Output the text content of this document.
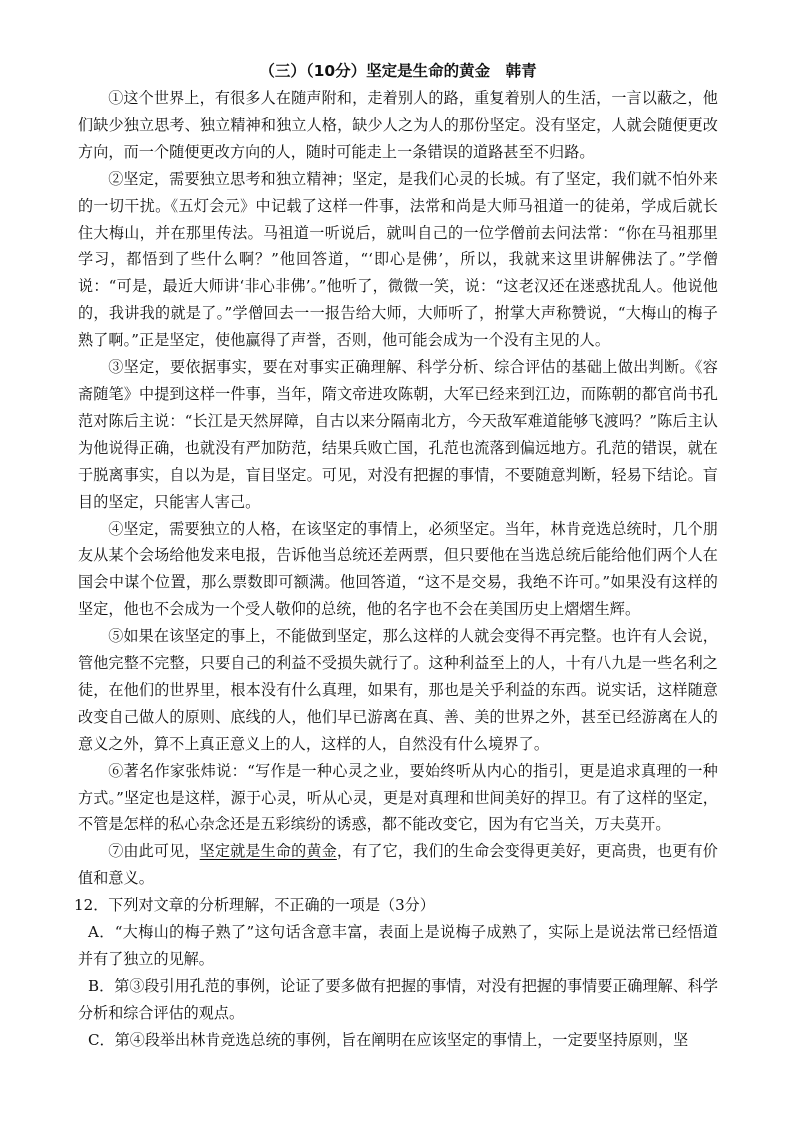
（三）（10分）坚定是生命的黄金　韩青

①这个世界上，有很多人在随声附和，走着别人的路，重复着别人的生活，一言以蔽之，他们缺少独立思考、独立精神和独立人格，缺少人之为人的那份坚定。没有坚定，人就会随便更改方向，而一个随便更改方向的人，随时可能走上一条错误的道路甚至不归路。

②坚定，需要独立思考和独立精神；坚定，是我们心灵的长城。有了坚定，我们就不怕外来的一切干扰。《五灯会元》中记载了这样一件事，法常和尚是大师马祖道一的徒弟，学成后就长住大梅山，并在那里传法。马祖道一听说后，就叫自己的一位学僧前去问法常：“你在马祖那里学习，都悟到了些什么啊？”他回答道，“‘即心是佛’，所以，我就来这里讲解佛法了。”学僧说：“可是，最近大师讲‘非心非佛’。”他听了，微微一笑，说：“这老汉还在迷惑扰乱人。他说他的，我讲我的就是了。”学僧回去一一报告给大师，大师听了，拊掌大声称赞说，“大梅山的梅子熟了啊。”正是坚定，使他赢得了声誉，否则，他可能会成为一个没有主见的人。

③坚定，要依据事实，要在对事实正确理解、科学分析、综合评估的基础上做出判断。《容斋随笔》中提到这样一件事，当年，隋文帝进攻陈朝，大军已经来到江边，而陈朝的都官尚书孔范对陈后主说：“长江是天然屏障，自古以来分隔南北方，今天敌军难道能够飞渡吗？”陈后主认为他说得正确，也就没有严加防范，结果兵败亡国，孔范也流落到偏远地方。孔范的错误，就在于脱离事实，自以为是，盲目坚定。可见，对没有把握的事情，不要随意判断，轻易下结论。盲目的坚定，只能害人害己。

④坚定，需要独立的人格，在该坚定的事情上，必须坚定。当年，林肯竞选总统时，几个朋友从某个会场给他发来电报，告诉他当总统还差两票，但只要他在当选总统后能给他们两个人在国会中谋个位置，那么票数即可额满。他回答道，“这不是交易，我绝不许可。”如果没有这样的坚定，他也不会成为一个受人敬仰的总统，他的名字也不会在美国历史上熠熠生辉。

⑤如果在该坚定的事上，不能做到坚定，那么这样的人就会变得不再完整。也许有人会说，管他完整不完整，只要自己的利益不受损失就行了。这种利益至上的人，十有八九是一些名利之徒，在他们的世界里，根本没有什么真理，如果有，那也是关乎利益的东西。说实话，这样随意改变自己做人的原则、底线的人，他们早已游离在真、善、美的世界之外，甚至已经游离在人的意义之外，算不上真正意义上的人，这样的人，自然没有什么境界了。

⑥著名作家张炜说：“写作是一种心灵之业，要始终听从内心的指引，更是追求真理的一种方式。”坚定也是这样，源于心灵，听从心灵，更是对真理和世间美好的捍卫。有了这样的坚定，不管是怎样的私心杂念还是五彩缤纷的诱惑，都不能改变它，因为有它当关，万夫莫开。

⑦由此可见，坚定就是生命的黄金，有了它，我们的生命会变得更美好，更高贵，也更有价值和意义。

12．下列对文章的分析理解，不正确的一项是（3分）

A．“大梅山的梅子熟了”这句话含意丰富，表面上是说梅子成熟了，实际上是说法常已经悟道并有了独立的见解。

B．第③段引用孔范的事例，论证了要多做有把握的事情，对没有把握的事情要正确理解、科学分析和综合评估的观点。

C．第④段举出林肯竞选总统的事例，旨在阐明在应该坚定的事情上，一定要坚持原则，坚
